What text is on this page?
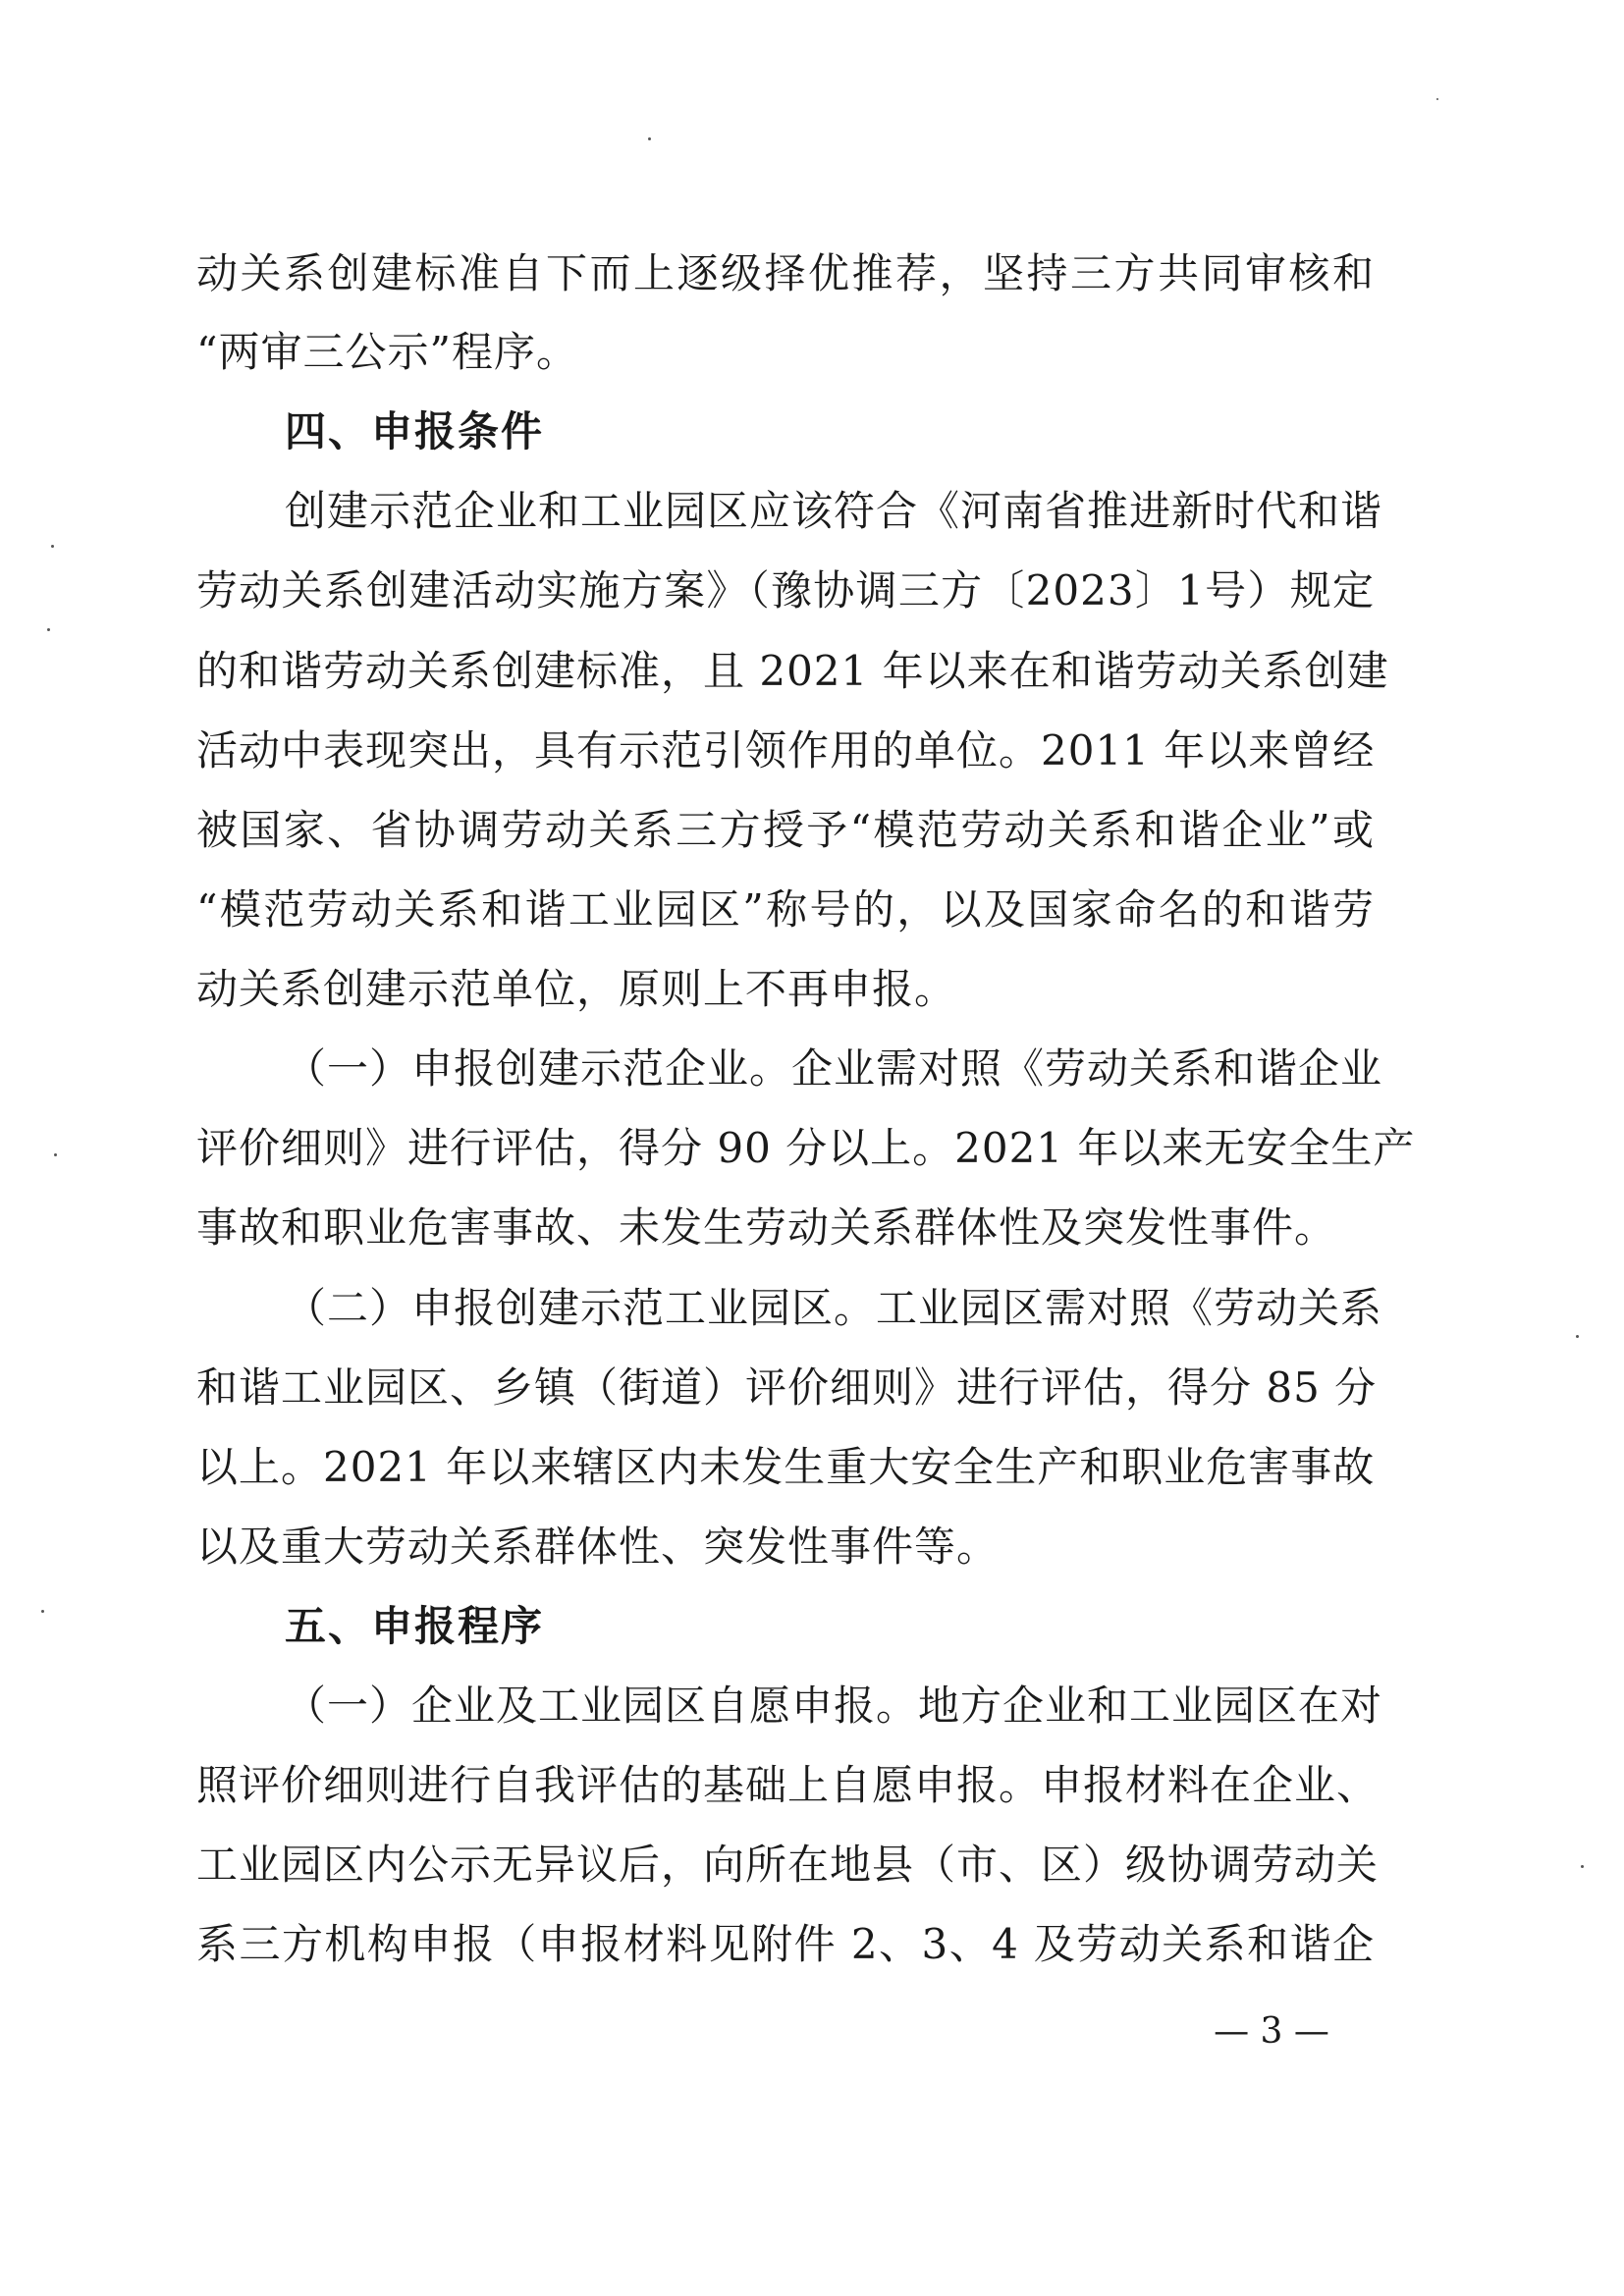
动关系创建标准自下而上逐级择优推荐，坚持三方共同审核和
“两审三公示”程序。
四、申报条件
创建示范企业和工业园区应该符合《河南省推进新时代和谐
劳动关系创建活动实施方案》（豫协调三方〔2023〕1号）规定
的和谐劳动关系创建标准，且 2021 年以来在和谐劳动关系创建
活动中表现突出，具有示范引领作用的单位。2011 年以来曾经
被国家、省协调劳动关系三方授予“模范劳动关系和谐企业”或
“模范劳动关系和谐工业园区”称号的，以及国家命名的和谐劳
动关系创建示范单位，原则上不再申报。
（一）申报创建示范企业。企业需对照《劳动关系和谐企业
评价细则》进行评估，得分 90 分以上。2021 年以来无安全生产
事故和职业危害事故、未发生劳动关系群体性及突发性事件。
（二）申报创建示范工业园区。工业园区需对照《劳动关系
和谐工业园区、乡镇（街道）评价细则》进行评估，得分 85 分
以上。2021 年以来辖区内未发生重大安全生产和职业危害事故
以及重大劳动关系群体性、突发性事件等。
五、申报程序
（一）企业及工业园区自愿申报。地方企业和工业园区在对
照评价细则进行自我评估的基础上自愿申报。申报材料在企业、
工业园区内公示无异议后，向所在地县（市、区）级协调劳动关
系三方机构申报（申报材料见附件 2、3、4 及劳动关系和谐企
— 3 —
